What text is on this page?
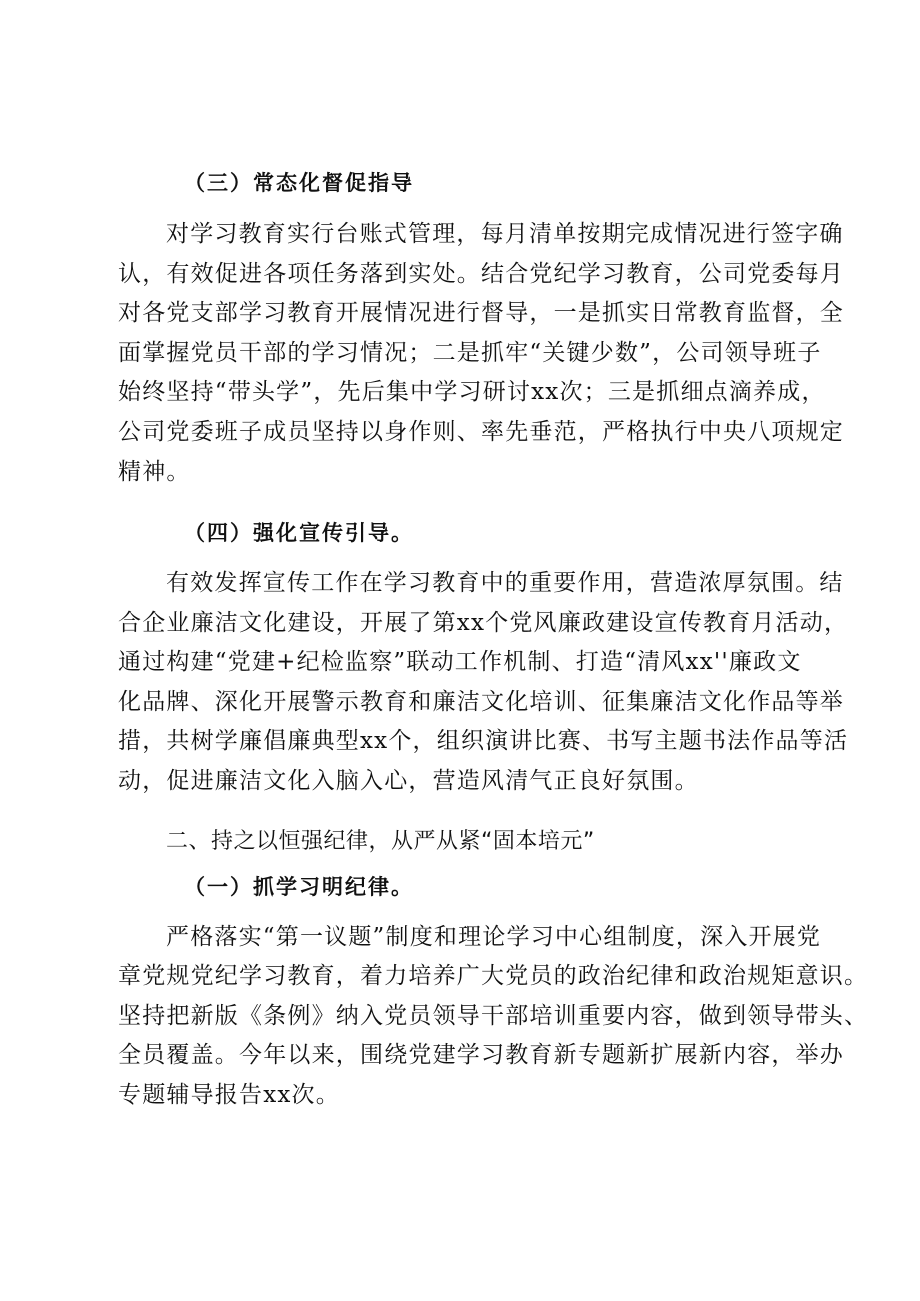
（三）常态化督促指导
对学习教育实行台账式管理，每月清单按期完成情况进行签字确
认，有效促进各项任务落到实处。结合党纪学习教育，公司党委每月
对各党支部学习教育开展情况进行督导，一是抓实日常教育监督，全
面掌握党员干部的学习情况；二是抓牢“关键少数”，公司领导班子
始终坚持“带头学”，先后集中学习研讨xx次；三是抓细点滴养成，
公司党委班子成员坚持以身作则、率先垂范，严格执行中央八项规定
精神。
（四）强化宣传引导。
有效发挥宣传工作在学习教育中的重要作用，营造浓厚氛围。结
合企业廉洁文化建设，开展了第xx个党风廉政建设宣传教育月活动，
通过构建“党建+纪检监察”联动工作机制、打造“清风xx''廉政文
化品牌、深化开展警示教育和廉洁文化培训、征集廉洁文化作品等举
措，共树学廉倡廉典型xx个，组织演讲比赛、书写主题书法作品等活
动，促进廉洁文化入脑入心，营造风清气正良好氛围。
二、持之以恒强纪律，从严从紧“固本培元”
（一）抓学习明纪律。
严格落实“第一议题”制度和理论学习中心组制度，深入开展党
章党规党纪学习教育，着力培养广大党员的政治纪律和政治规矩意识。
坚持把新版《条例》纳入党员领导干部培训重要内容，做到领导带头、
全员覆盖。今年以来，围绕党建学习教育新专题新扩展新内容，举办
专题辅导报告xx次。
